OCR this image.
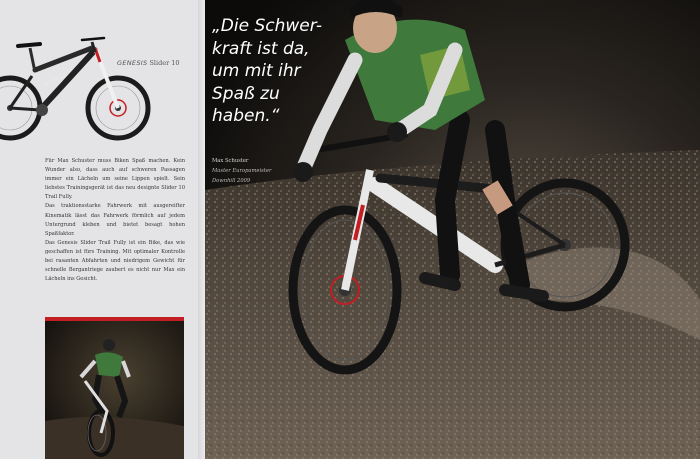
GENESIS Slider 10

Für Max Schuster muss Biken Spaß machen. Kein Wunder also, dass auch auf schweren Passagen immer ein Lächeln um seine Lippen spielt. Sein liebstes Trainingsgerät ist das neu designte Slider 10 Trail Fully.

Das traktionsstarke Fahrwerk mit ausgereifter Kinematik lässt das Fahrwerk förmlich auf jedem Untergrund kleben und bietet besagt hohen Spaßfaktor.

Das Genesis Slider Trail Fully ist ein Bike, das wie geschaffen ist fürs Training. Mit optimaler Kontrolle bei rasanten Abfahrten und niedrigem Gewicht für schnelle Bergantriege zaubert es nicht nur Max ein Lächeln ins Gesicht.

„Die Schwer-
kraft ist da,
um mit ihr
Spaß zu
haben.“
Max Schuster
Master Europameister
Downhill 2009
